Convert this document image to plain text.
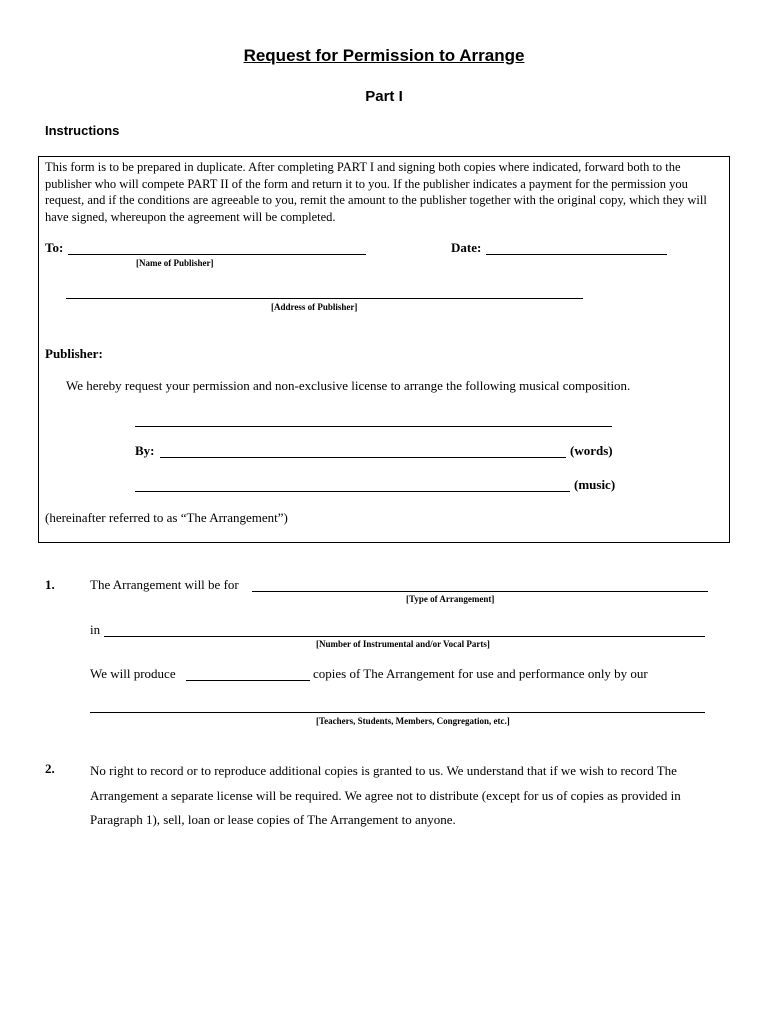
Request for Permission to Arrange
Part I
Instructions
This form is to be prepared in duplicate. After completing PART I and signing both copies where indicated, forward both to the publisher who will compete PART II of the form and return it to you. If the publisher indicates a payment for the permission you request, and if the conditions are agreeable to you, remit the amount to the publisher together with the original copy, which they will have signed, whereupon the agreement will be completed.
To:
[Name of Publisher]
Date:
[Address of Publisher]
Publisher:
We hereby request your permission and non-exclusive license to arrange the following musical composition.
By:	(words)
(music)
(hereinafter referred to as “The Arrangement”)
1.	The Arrangement will be for
[Type of Arrangement]
in
[Number of Instrumental and/or Vocal Parts]
We will produce	copies of The Arrangement for use and performance only by our
[Teachers, Students, Members, Congregation, etc.]
2.	No right to record or to reproduce additional copies is granted to us. We understand that if we wish to record The Arrangement a separate license will be required. We agree not to distribute (except for us of copies as provided in Paragraph 1), sell, loan or lease copies of The Arrangement to anyone.
